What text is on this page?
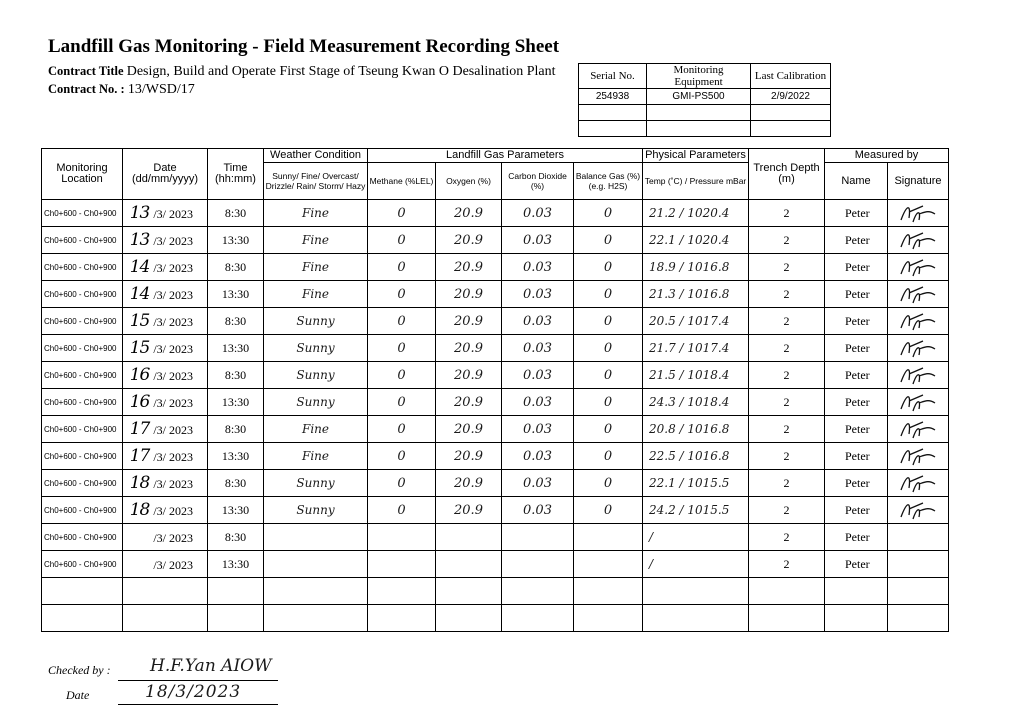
Landfill Gas Monitoring - Field Measurement Recording Sheet
Contract Title Design, Build and Operate First Stage of Tseung Kwan O Desalination Plant
Contract No. : 13/WSD/17
Serial No.	Monitoring Equipment	Last Calibration
254938	GMI-PS500	2/9/2022

Monitoring Location	Date (dd/mm/yyyy)	Time (hh:mm)	Weather Condition	Landfill Gas Parameters				Physical Parameters	Trench Depth (m)	Measured by	
			Sunny/ Fine/ Overcast/ Drizzle/ Rain/ Storm/ Hazy	Methane (%LEL)	Oxygen (%)	Carbon Dioxide (%)	Balance Gas (%) (e.g. H2S)	Temp (˚C) / Pressure mBar		Name	Signature
Ch0+600 - Ch0+900	13 /3/ 2023	8:30	Fine	0	20.9	0.03	0	21.2 / 1020.4	2	Peter	

Ch0+600 - Ch0+900	13 /3/ 2023	13:30	Fine	0	20.9	0.03	0	22.1 / 1020.4	2	Peter	

Ch0+600 - Ch0+900	14 /3/ 2023	8:30	Fine	0	20.9	0.03	0	18.9 / 1016.8	2	Peter	

Ch0+600 - Ch0+900	14 /3/ 2023	13:30	Fine	0	20.9	0.03	0	21.3 / 1016.8	2	Peter	

Ch0+600 - Ch0+900	15 /3/ 2023	8:30	Sunny	0	20.9	0.03	0	20.5 / 1017.4	2	Peter	

Ch0+600 - Ch0+900	15 /3/ 2023	13:30	Sunny	0	20.9	0.03	0	21.7 / 1017.4	2	Peter	

Ch0+600 - Ch0+900	16 /3/ 2023	8:30	Sunny	0	20.9	0.03	0	21.5 / 1018.4	2	Peter	

Ch0+600 - Ch0+900	16 /3/ 2023	13:30	Sunny	0	20.9	0.03	0	24.3 / 1018.4	2	Peter	

Ch0+600 - Ch0+900	17 /3/ 2023	8:30	Fine	0	20.9	0.03	0	20.8 / 1016.8	2	Peter	

Ch0+600 - Ch0+900	17 /3/ 2023	13:30	Fine	0	20.9	0.03	0	22.5 / 1016.8	2	Peter	

Ch0+600 - Ch0+900	18 /3/ 2023	8:30	Sunny	0	20.9	0.03	0	22.1 / 1015.5	2	Peter	

Ch0+600 - Ch0+900	18 /3/ 2023	13:30	Sunny	0	20.9	0.03	0	24.2 / 1015.5	2	Peter	

Ch0+600 - Ch0+900	/3/ 2023	8:30						/	2	Peter	
Ch0+600 - Ch0+900	/3/ 2023	13:30						/	2	Peter	

Checked by : H.F.Yan AIOW
Date	18/3/2023
